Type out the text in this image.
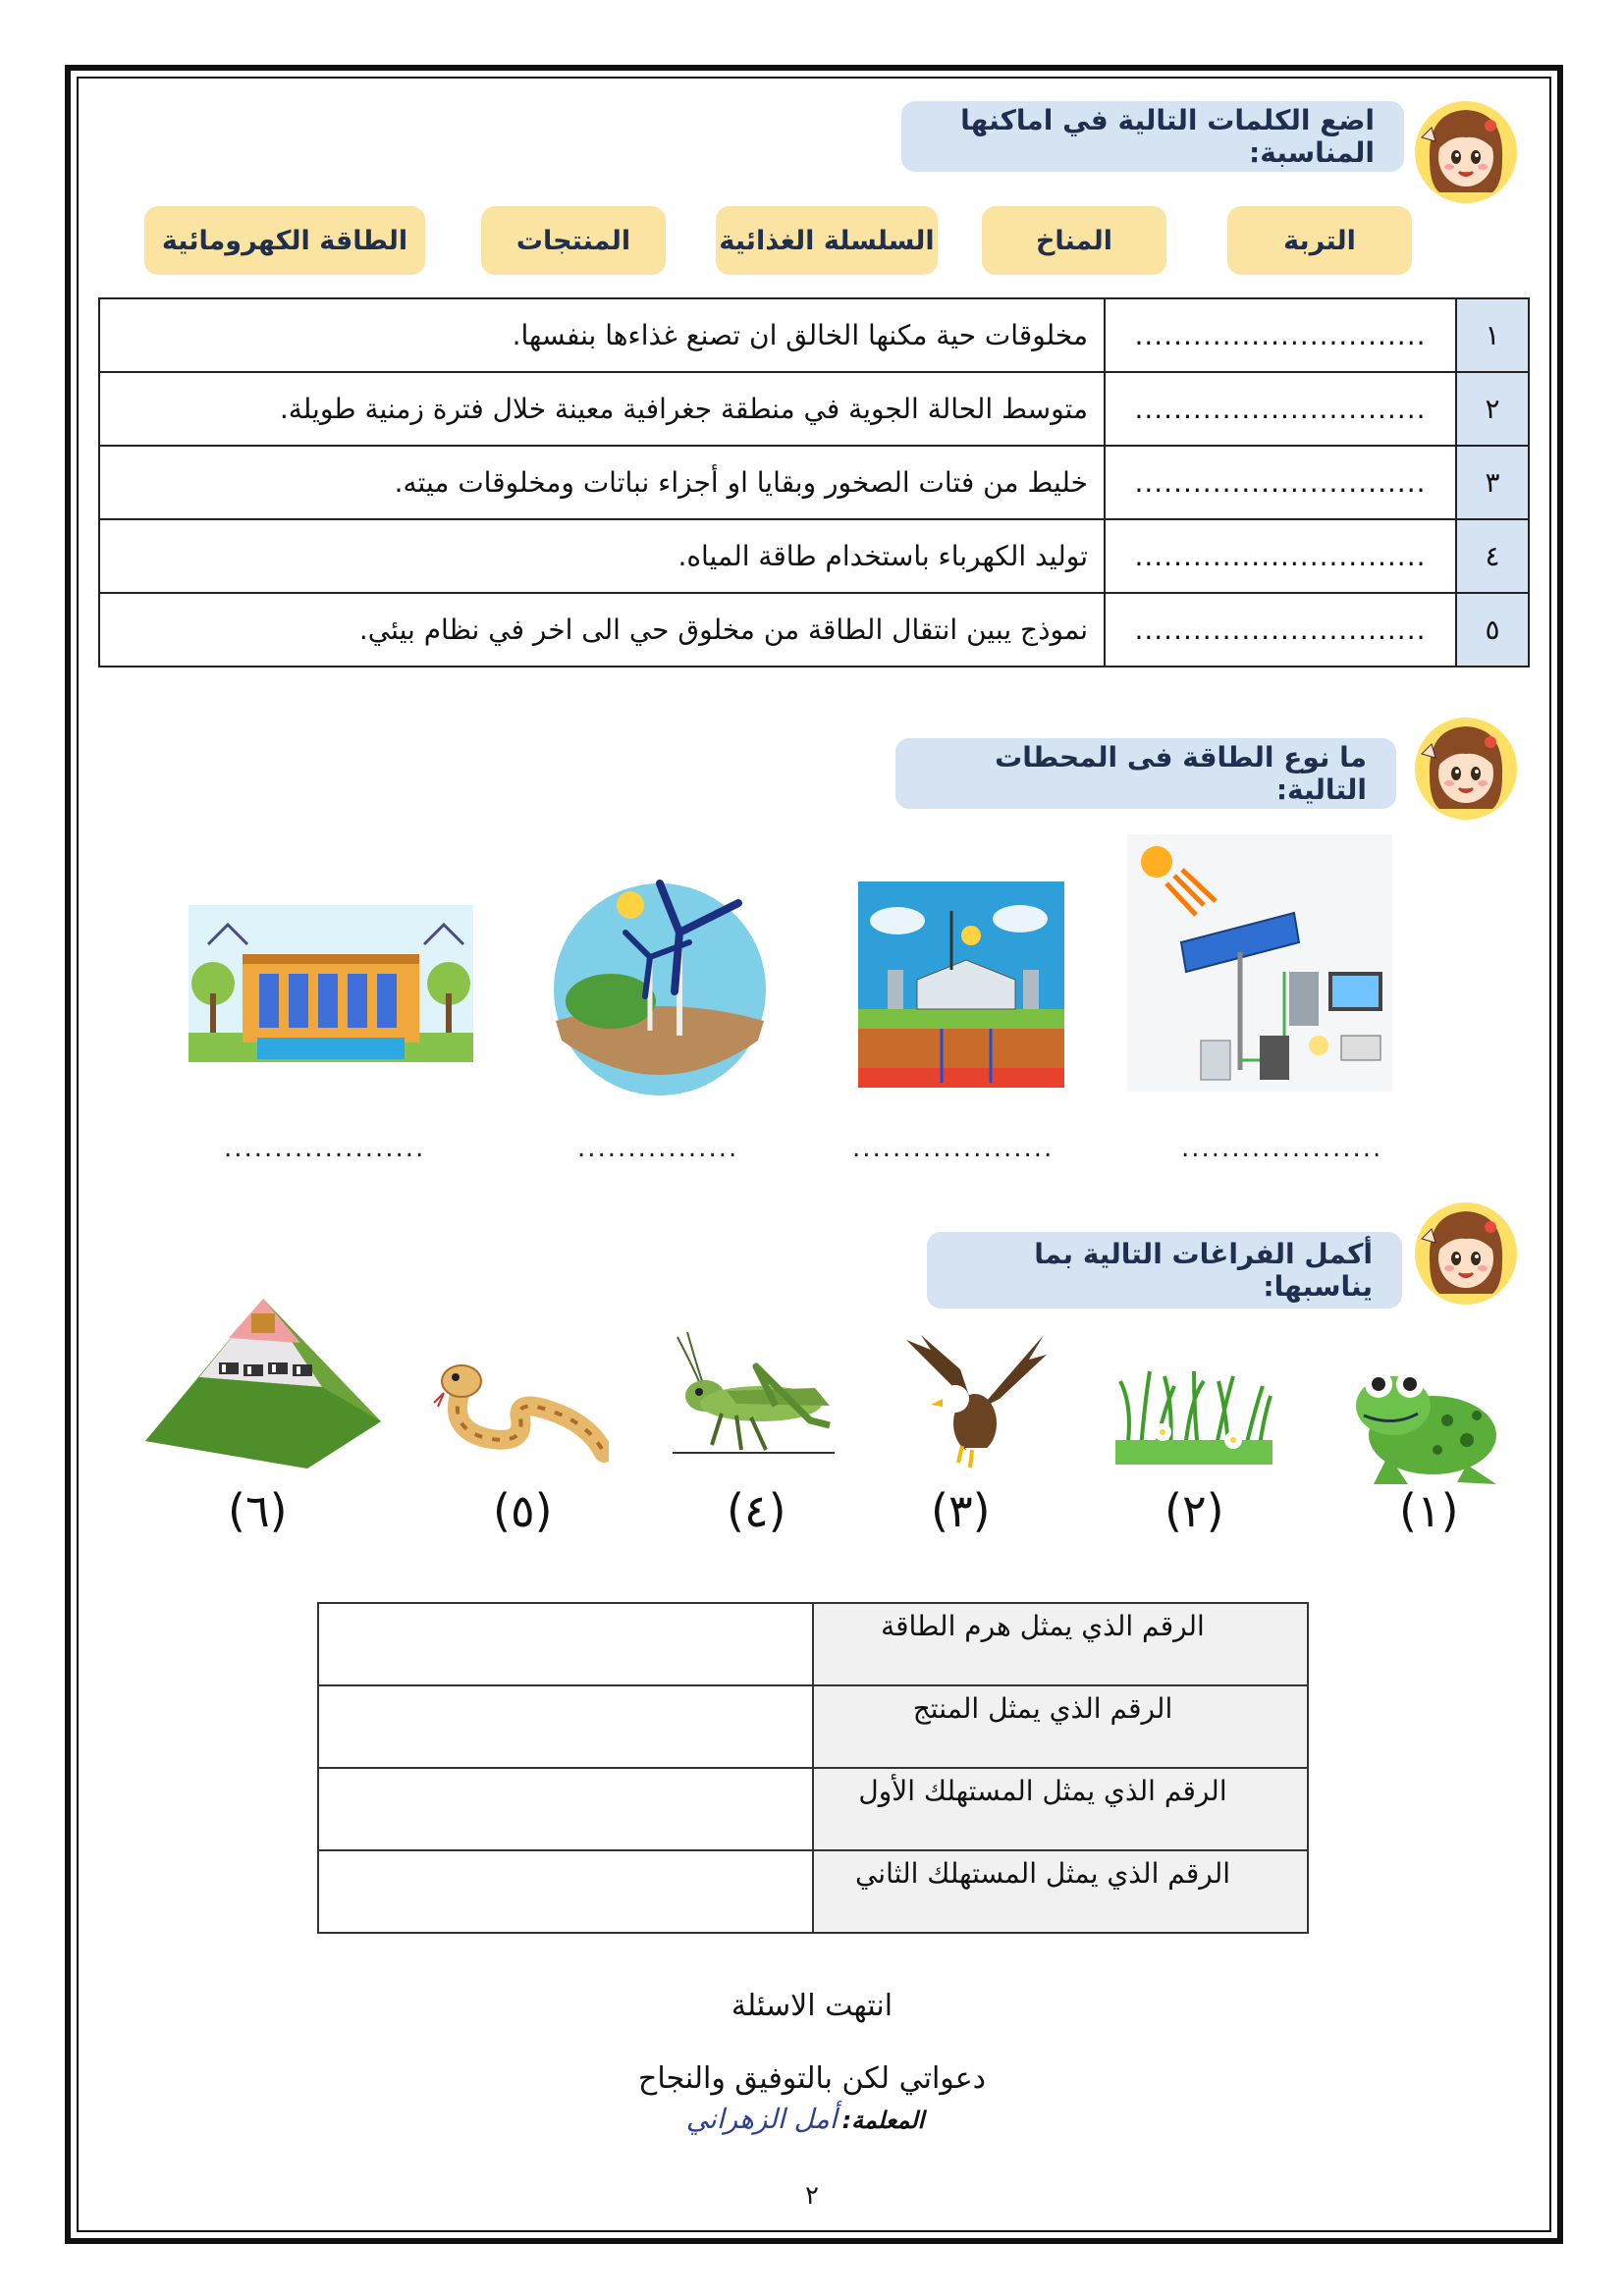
اضع الكلمات التالية في اماكنها المناسبة:
التربة
المناخ
السلسلة الغذائية
المنتجات
الطاقة الكهرومائية
١	..............................	مخلوقات حية مكنها الخالق ان تصنع غذاءها بنفسها.
٢	..............................	متوسط الحالة الجوية في منطقة جغرافية معينة خلال فترة زمنية طويلة.
٣	..............................	خليط من فتات الصخور وبقايا او أجزاء نباتات ومخلوقات ميته.
٤	..............................	توليد الكهرباء باستخدام طاقة المياه.
٥	..............................	نموذج يبين انتقال الطاقة من مخلوق حي الى اخر في نظام بيئي.
ما نوع الطاقة فى المحطات التالية:
....................
....................
................
....................
أكمل الفراغات التالية بما يناسبها:
(١)
(٢)
(٣)
(٤)
(٥)
(٦)
الرقم الذي يمثل هرم الطاقة	
الرقم الذي يمثل المنتج	
الرقم الذي يمثل المستهلك الأول	
الرقم الذي يمثل المستهلك الثاني	
انتهت الاسئلة
دعواتي لكن بالتوفيق والنجاح
المعلمة: أمل الزهراني
٢
